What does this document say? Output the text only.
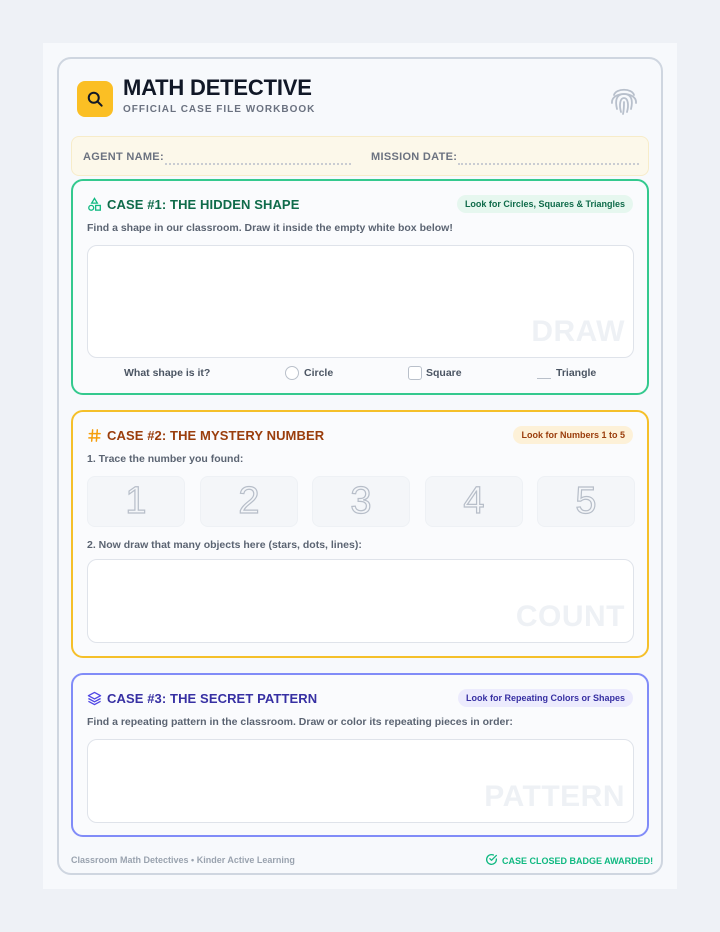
MATH DETECTIVE
OFFICIAL CASE FILE WORKBOOK
AGENT NAME:	MISSION DATE:
CASE #1: THE HIDDEN SHAPE	Look for Circles, Squares & Triangles
Find a shape in our classroom. Draw it inside the empty white box below!
DRAW
What shape is it?	Circle	Square	Triangle
CASE #2: THE MYSTERY NUMBER	Look for Numbers 1 to 5
1. Trace the number you found:
1 2 3 4 5
2. Now draw that many objects here (stars, dots, lines):
COUNT
CASE #3: THE SECRET PATTERN	Look for Repeating Colors or Shapes
Find a repeating pattern in the classroom. Draw or color its repeating pieces in order:
PATTERN
Classroom Math Detectives • Kinder Active Learning	CASE CLOSED BADGE AWARDED!
